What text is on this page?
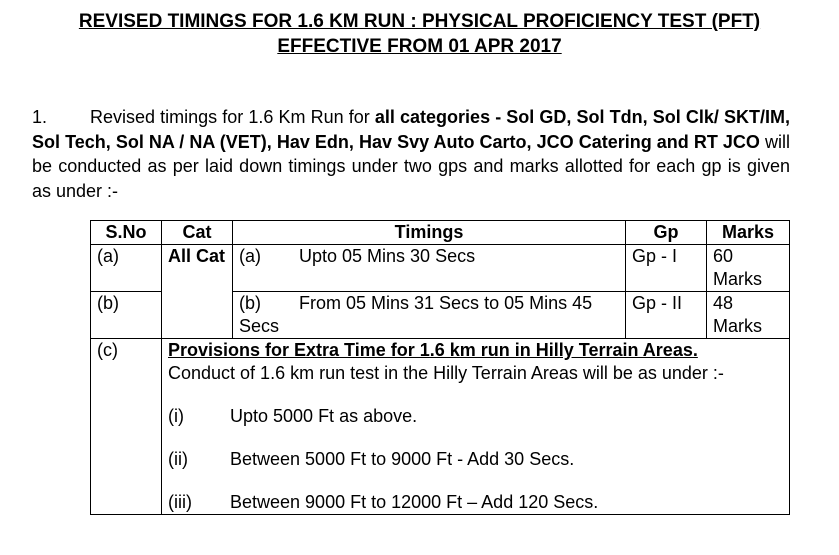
REVISED TIMINGS FOR 1.6 KM RUN : PHYSICAL PROFICIENCY TEST (PFT)
EFFECTIVE FROM 01 APR 2017
1. Revised timings for 1.6 Km Run for all categories - Sol GD, Sol Tdn, Sol Clk/ SKT/IM, Sol Tech, Sol NA / NA (VET), Hav Edn, Hav Svy Auto Carto, JCO Catering and RT JCO will be conducted as per laid down timings under two gps and marks allotted for each gp is given as under :-
S.No	Cat	Timings	Gp	Marks
(a)	All Cat	(a) Upto 05 Mins 30 Secs	Gp - I	60 Marks
(b)		(b) From 05 Mins 31 Secs to 05 Mins 45 Secs	Gp - II	48 Marks
(c)	Provisions for Extra Time for 1.6 km run in Hilly Terrain Areas.
Conduct of 1.6 km run test in the Hilly Terrain Areas will be as under :-
(i) Upto 5000 Ft as above.
(ii) Between 5000 Ft to 9000 Ft - Add 30 Secs.
(iii) Between 9000 Ft to 12000 Ft – Add 120 Secs.			
